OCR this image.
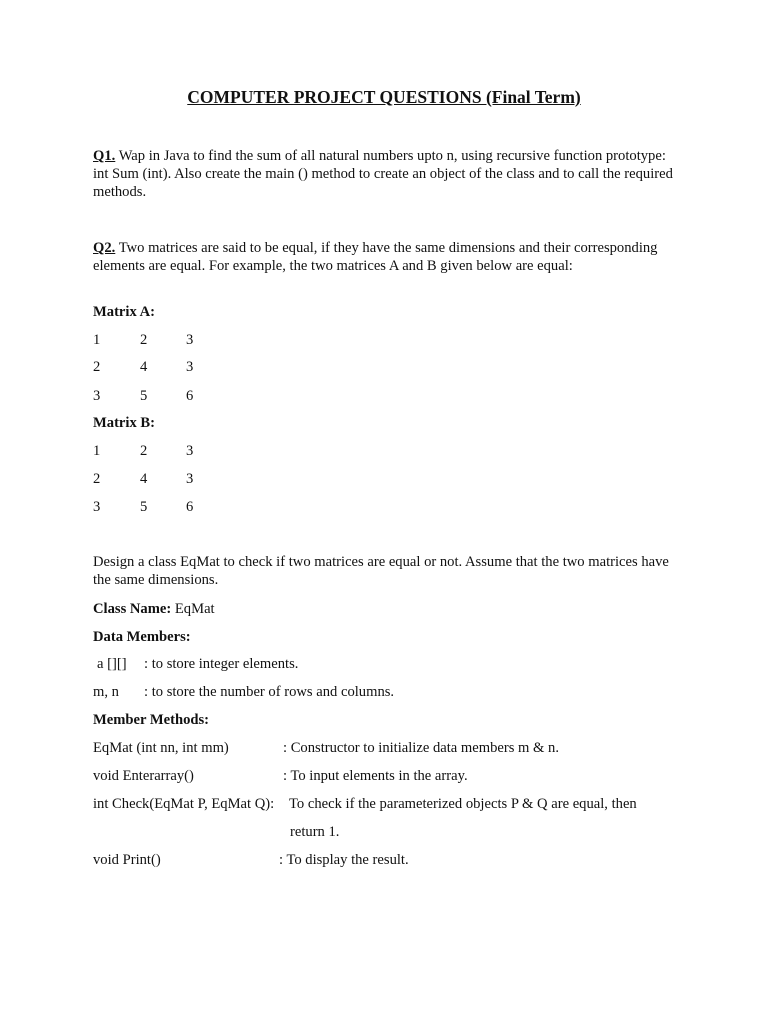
COMPUTER PROJECT QUESTIONS (Final Term)

Q1. Wap in Java to find the sum of all natural numbers upto n, using recursive function prototype: int Sum (int). Also create the main () method to create an object of the class and to call the required methods.

Q2. Two matrices are said to be equal, if they have the same dimensions and their corresponding elements are equal. For example, the two matrices A and B given below are equal:

Matrix A:
1	2	3
2	4	3
3	5	6
Matrix B:
1	2	3
2	4	3
3	5	6

Design a class EqMat to check if two matrices are equal or not. Assume that the two matrices have the same dimensions.

Class Name: EqMat
Data Members:
a [][] : to store integer elements.
m, n : to store the number of rows and columns.
Member Methods:
EqMat (int nn, int mm)	: Constructor to initialize data members m & n.
void Enterarray()	: To input elements in the array.
int Check(EqMat P, EqMat Q): To check if the parameterized objects P & Q are equal, then
return 1.
void Print()	: To display the result.
